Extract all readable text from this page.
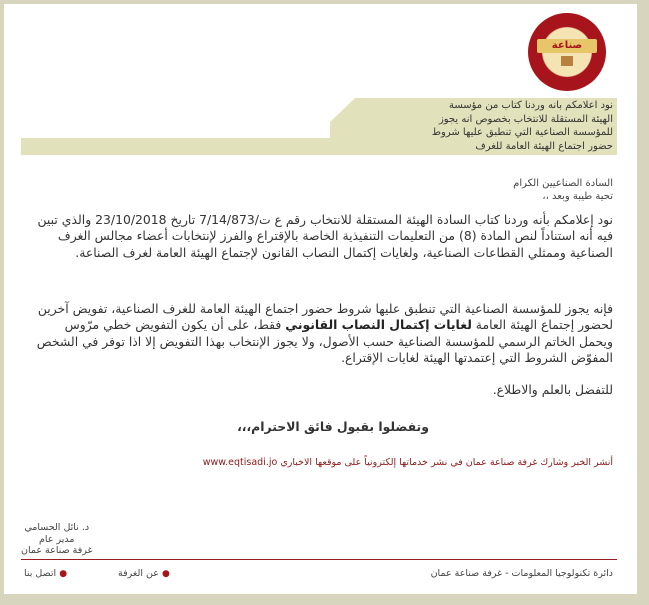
صناعة
نود اعلامكم بانه وردنا كتاب من مؤسسة
الهيئة المستقلة للانتخاب بخصوص انه يجوز
للمؤسسة الصناعية التي تنطبق عليها شروط
حضور اجتماع الهيئة العامة للغرف
السادة الصناعيين الكرام
تحية طيبة وبعد ،،
نود إعلامكم بأنه وردنا كتاب السادة الهيئة المستقلة للانتخاب رقم ع ت/7/14/873 تاريخ 23/10/2018 والذي تبين فيه أنه استناداً لنص المادة (8) من التعليمات التنفيذية الخاصة بالإقتراع والفرز لإنتخابات أعضاء مجالس الغرف الصناعية وممثلي القطاعات الصناعية، ولغايات إكتمال النصاب القانون لإجتماع الهيئة العامة لغرف الصناعة.
فإنه يجوز للمؤسسة الصناعية التي تنطبق عليها شروط حضور اجتماع الهيئة العامة للغرف الصناعية، تفويض آخرين لحضور إجتماع الهيئة العامة لغايات إكتمال النصاب القانوني فقط، على أن يكون التفويض خطي مرّوس ويحمل الخاتم الرسمي للمؤسسة الصناعية حسب الأصول، ولا يجوز الإنتخاب بهذا التفويض إلا اذا توفر في الشخص المفوّض الشروط التي إعتمدتها الهيئة لغايات الإقتراع.
للتفضل بالعلم والاطلاع.
وتفضلوا بقبول فائق الاحترام،،،
أنشر الخبر وشارك غرفة صناعة عمان في نشر خدماتها إلكترونياً على موقعها الاخباري www.eqtisadi.jo
د. نائل الحسامي
مدير عام
غرفة صناعة عمان
دائرة تكنولوجيا المعلومات - غرفة صناعة عمان
● عن الغرفة
● اتصل بنا
